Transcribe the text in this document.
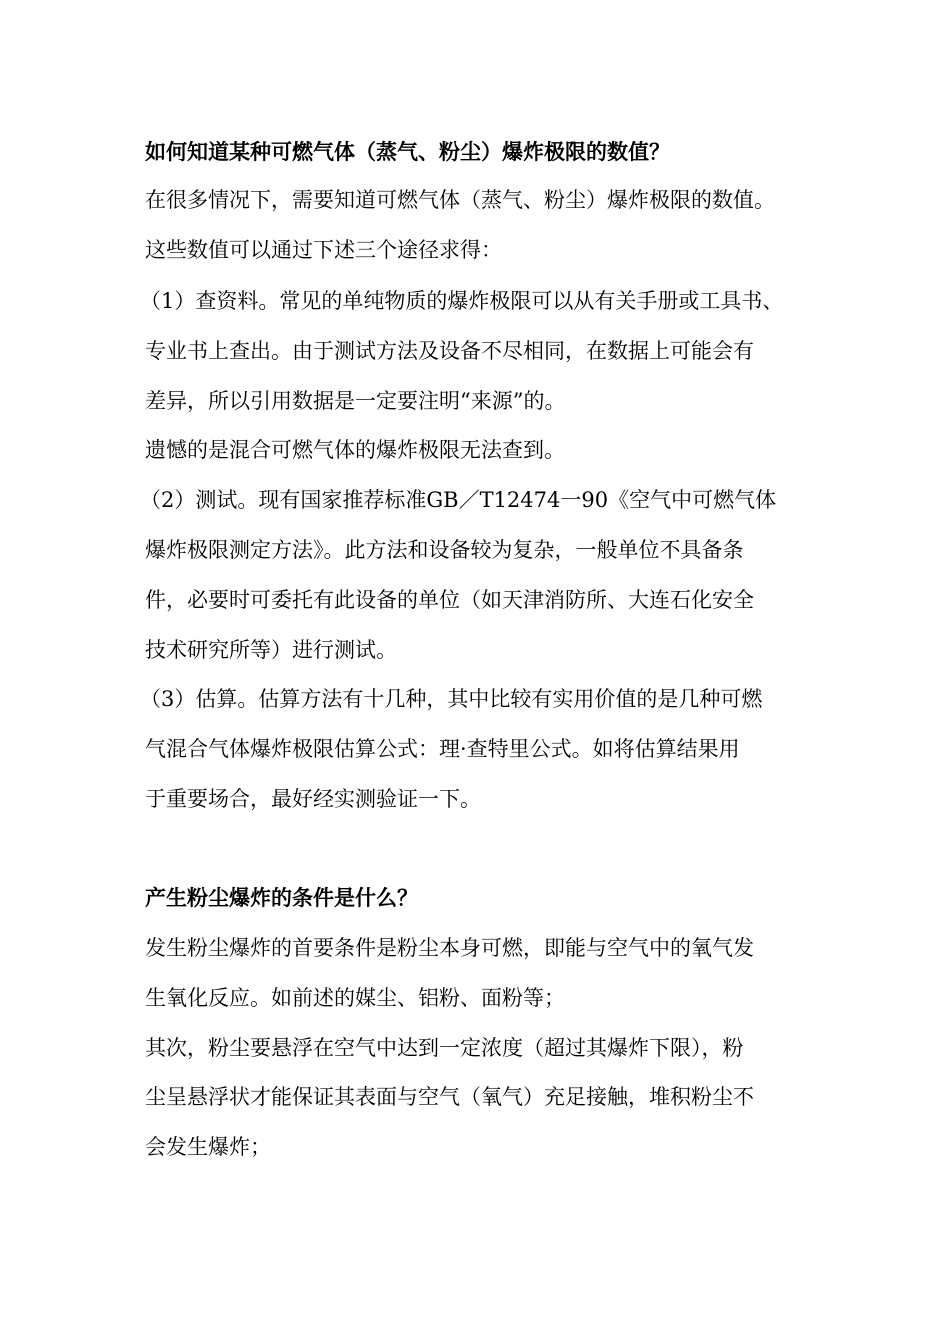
如何知道某种可燃气体（蒸气、粉尘）爆炸极限的数值？
在很多情况下，需要知道可燃气体（蒸气、粉尘）爆炸极限的数值。
这些数值可以通过下述三个途径求得：
（1）查资料。常见的单纯物质的爆炸极限可以从有关手册或工具书、
专业书上查出。由于测试方法及设备不尽相同，在数据上可能会有
差异，所以引用数据是一定要注明“来源”的。
遗憾的是混合可燃气体的爆炸极限无法查到。
（2）测试。现有国家推荐标准GB／T12474一90《空气中可燃气体
爆炸极限测定方法》。此方法和设备较为复杂，一般单位不具备条
件，必要时可委托有此设备的单位（如天津消防所、大连石化安全
技术研究所等）进行测试。
（3）估算。估算方法有十几种，其中比较有实用价值的是几种可燃
气混合气体爆炸极限估算公式：理·查特里公式。如将估算结果用
于重要场合，最好经实测验证一下。
产生粉尘爆炸的条件是什么？
发生粉尘爆炸的首要条件是粉尘本身可燃，即能与空气中的氧气发
生氧化反应。如前述的媒尘、铝粉、面粉等；
其次，粉尘要悬浮在空气中达到一定浓度（超过其爆炸下限），粉
尘呈悬浮状才能保证其表面与空气（氧气）充足接触，堆积粉尘不
会发生爆炸；
